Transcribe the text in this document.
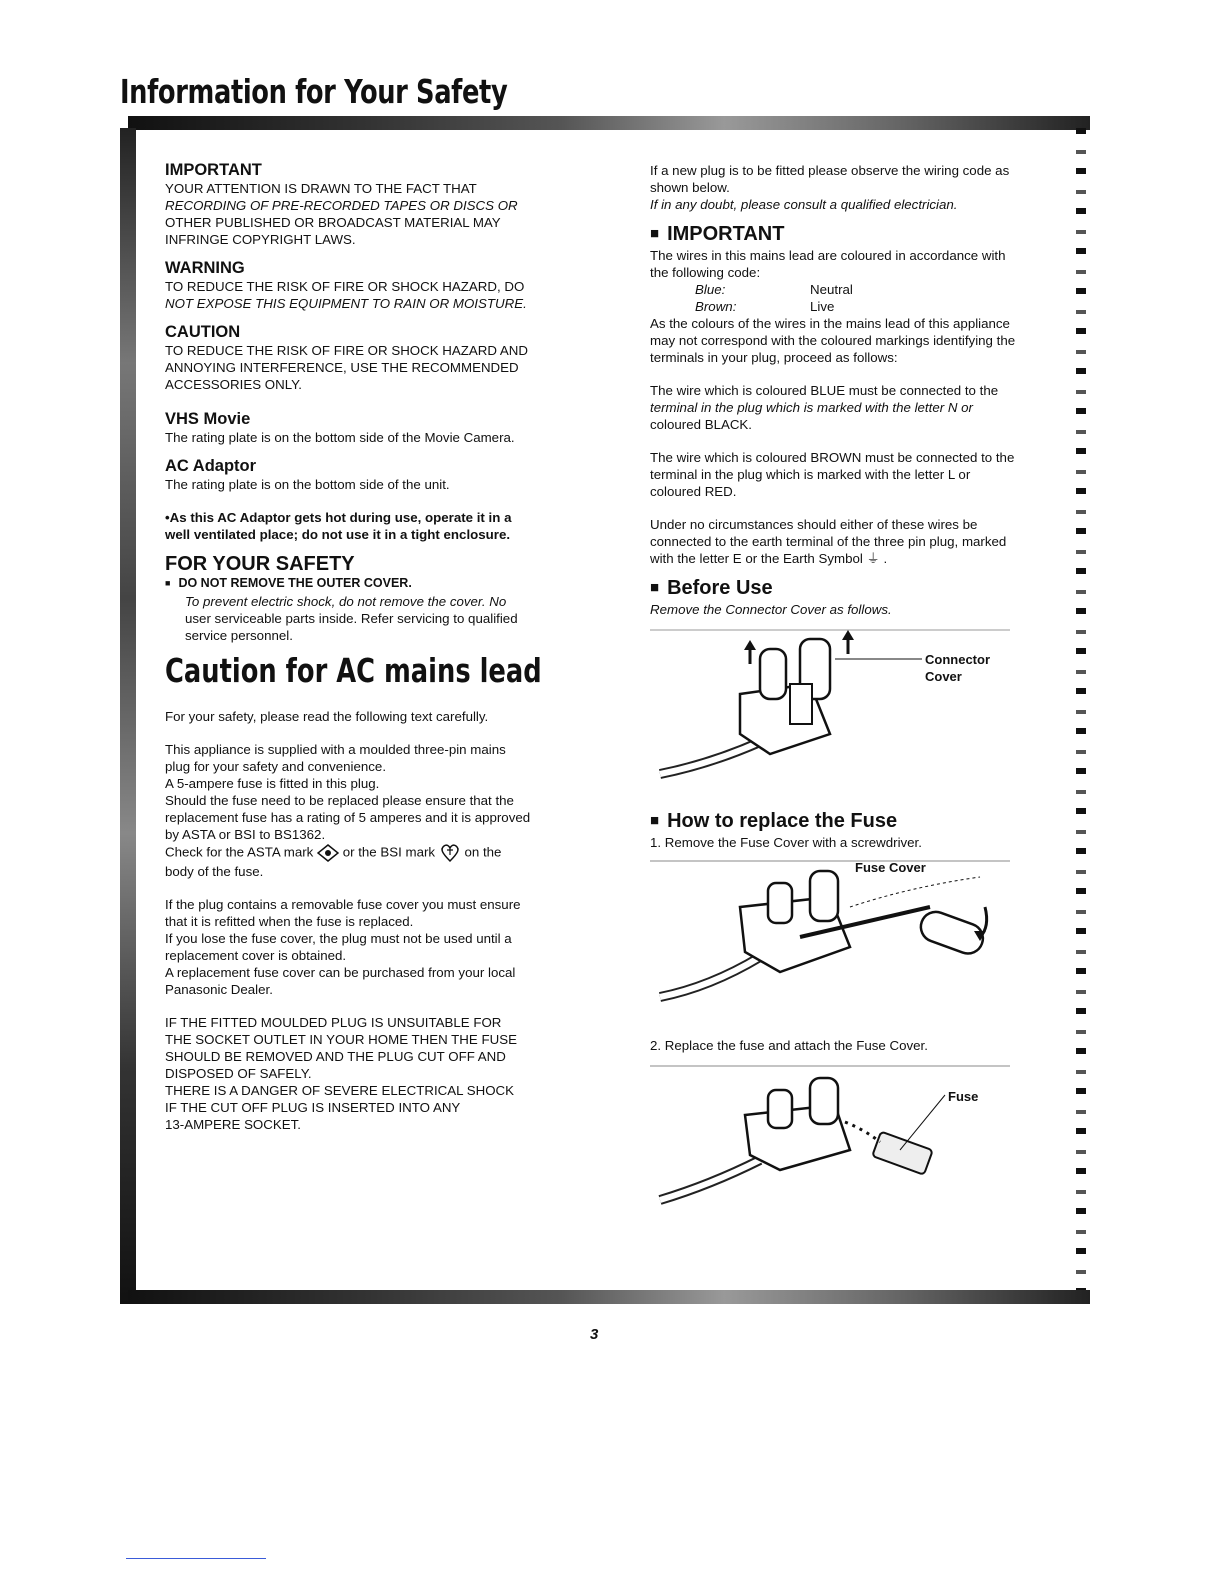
Information for Your Safety
IMPORTANT

YOUR ATTENTION IS DRAWN TO THE FACT THAT

RECORDING OF PRE-RECORDED TAPES OR DISCS OR

OTHER PUBLISHED OR BROADCAST MATERIAL MAY

INFRINGE COPYRIGHT LAWS.

WARNING

TO REDUCE THE RISK OF FIRE OR SHOCK HAZARD, DO

NOT EXPOSE THIS EQUIPMENT TO RAIN OR MOISTURE.

CAUTION

TO REDUCE THE RISK OF FIRE OR SHOCK HAZARD AND

ANNOYING INTERFERENCE, USE THE RECOMMENDED

ACCESSORIES ONLY.

VHS Movie

The rating plate is on the bottom side of the Movie Camera.

AC Adaptor

The rating plate is on the bottom side of the unit.

•As this AC Adaptor gets hot during use, operate it in a

well ventilated place; do not use it in a tight enclosure.

FOR YOUR SAFETY

■ DO NOT REMOVE THE OUTER COVER.

To prevent electric shock, do not remove the cover. No

user serviceable parts inside. Refer servicing to qualified

service personnel.

Caution for AC mains lead

For your safety, please read the following text carefully.

This appliance is supplied with a moulded three-pin mains

plug for your safety and convenience.

A 5-ampere fuse is fitted in this plug.

Should the fuse need to be replaced please ensure that the

replacement fuse has a rating of 5 amperes and it is approved

by ASTA or BSI to BS1362.

Check for the ASTA mark or the BSI mark on the

body of the fuse.

If the plug contains a removable fuse cover you must ensure

that it is refitted when the fuse is replaced.

If you lose the fuse cover, the plug must not be used until a

replacement cover is obtained.

A replacement fuse cover can be purchased from your local

Panasonic Dealer.

IF THE FITTED MOULDED PLUG IS UNSUITABLE FOR

THE SOCKET OUTLET IN YOUR HOME THEN THE FUSE

SHOULD BE REMOVED AND THE PLUG CUT OFF AND

DISPOSED OF SAFELY.

THERE IS A DANGER OF SEVERE ELECTRICAL SHOCK

IF THE CUT OFF PLUG IS INSERTED INTO ANY

13-AMPERE SOCKET.

If a new plug is to be fitted please observe the wiring code as

shown below.

If in any doubt, please consult a qualified electrician.

■ IMPORTANT

The wires in this mains lead are coloured in accordance with

the following code:

Blue:	Neutral
Brown:	Live

As the colours of the wires in the mains lead of this appliance

may not correspond with the coloured markings identifying the

terminals in your plug, proceed as follows:

The wire which is coloured BLUE must be connected to the

terminal in the plug which is marked with the letter N or

coloured BLACK.

The wire which is coloured BROWN must be connected to the

terminal in the plug which is marked with the letter L or

coloured RED.

Under no circumstances should either of these wires be

connected to the earth terminal of the three pin plug, marked

with the letter E or the Earth Symbol ⏚ .

■ Before Use

Remove the Connector Cover as follows.

Connector
Cover
■ How to replace the Fuse

1. Remove the Fuse Cover with a screwdriver.

Fuse Cover

2. Replace the fuse and attach the Fuse Cover.

Fuse
3
